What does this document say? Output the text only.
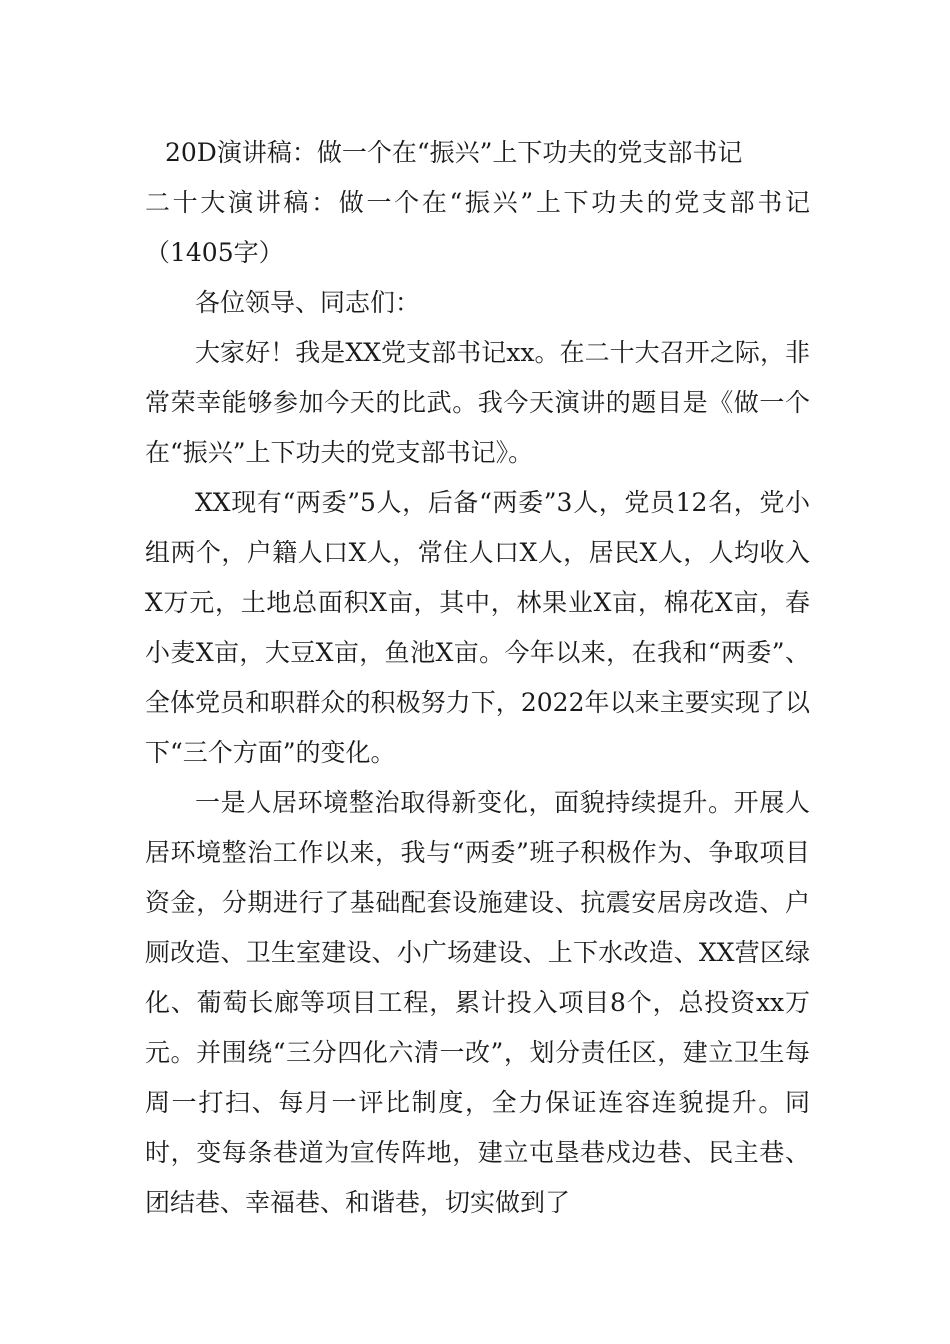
20D演讲稿：做一个在“振兴”上下功夫的党支部书记

二十大演讲稿：做一个在“振兴”上下功夫的党支部书记（1405字）

各位领导、同志们：

大家好！我是XX党支部书记xx。在二十大召开之际，非常荣幸能够参加今天的比武。我今天演讲的题目是《做一个在“振兴”上下功夫的党支部书记》。

XX现有“两委”5人，后备“两委”3人，党员12名，党小组两个，户籍人口X人，常住人口X人，居民X人，人均收入X万元，土地总面积X亩，其中，林果业X亩，棉花X亩，春小麦X亩，大豆X亩，鱼池X亩。今年以来，在我和“两委”、全体党员和职群众的积极努力下，2022年以来主要实现了以下“三个方面”的变化。

一是人居环境整治取得新变化，面貌持续提升。开展人居环境整治工作以来，我与“两委”班子积极作为、争取项目资金，分期进行了基础配套设施建设、抗震安居房改造、户厕改造、卫生室建设、小广场建设、上下水改造、XX营区绿化、葡萄长廊等项目工程，累计投入项目8个，总投资xx万元。并围绕“三分四化六清一改”，划分责任区，建立卫生每周一打扫、每月一评比制度，全力保证连容连貌提升。同时，变每条巷道为宣传阵地，建立屯垦巷戍边巷、民主巷、团结巷、幸福巷、和谐巷，切实做到了
